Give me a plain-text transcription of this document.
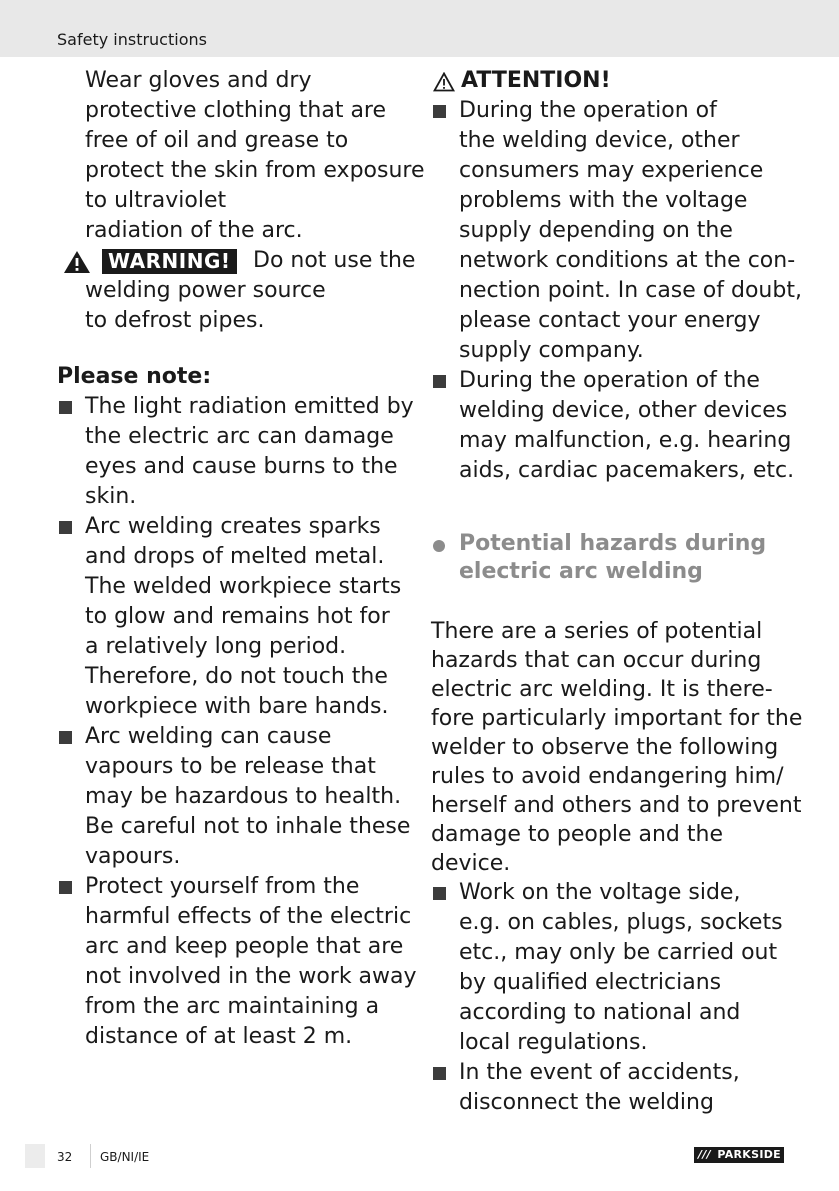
Safety instructions
Wear gloves and dry
protective clothing that are
free of oil and grease to
protect the skin from exposure
to ultraviolet
radiation of the arc.
WARNING! Do not use the
welding power source
to defrost pipes.
Please note:
The light radiation emitted by
the electric arc can damage
eyes and cause burns to the
skin.
Arc welding creates sparks
and drops of melted metal.
The welded workpiece starts
to glow and remains hot for
a relatively long period.
Therefore, do not touch the
workpiece with bare hands.
Arc welding can cause
vapours to be release that
may be hazardous to health.
Be careful not to inhale these
vapours.
Protect yourself from the
harmful effects of the electric
arc and keep people that are
not involved in the work away
from the arc maintaining a
distance of at least 2 m.
ATTENTION!
During the operation of
the welding device, other
consumers may experience
problems with the voltage
supply depending on the
network conditions at the con-
nection point. In case of doubt,
please contact your energy
supply company.
During the operation of the
welding device, other devices
may malfunction, e.g. hearing
aids, cardiac pacemakers, etc.
Potential hazards during
electric arc welding
There are a series of potential
hazards that can occur during
electric arc welding. It is there-
fore particularly important for the
welder to observe the following
rules to avoid endangering him/
herself and others and to prevent
damage to people and the
device.
Work on the voltage side,
e.g. on cables, plugs, sockets
etc., may only be carried out
by qualified electricians
according to national and
local regulations.
In the event of accidents,
disconnect the welding
32 GB/NI/IE	/// PARKSIDE
